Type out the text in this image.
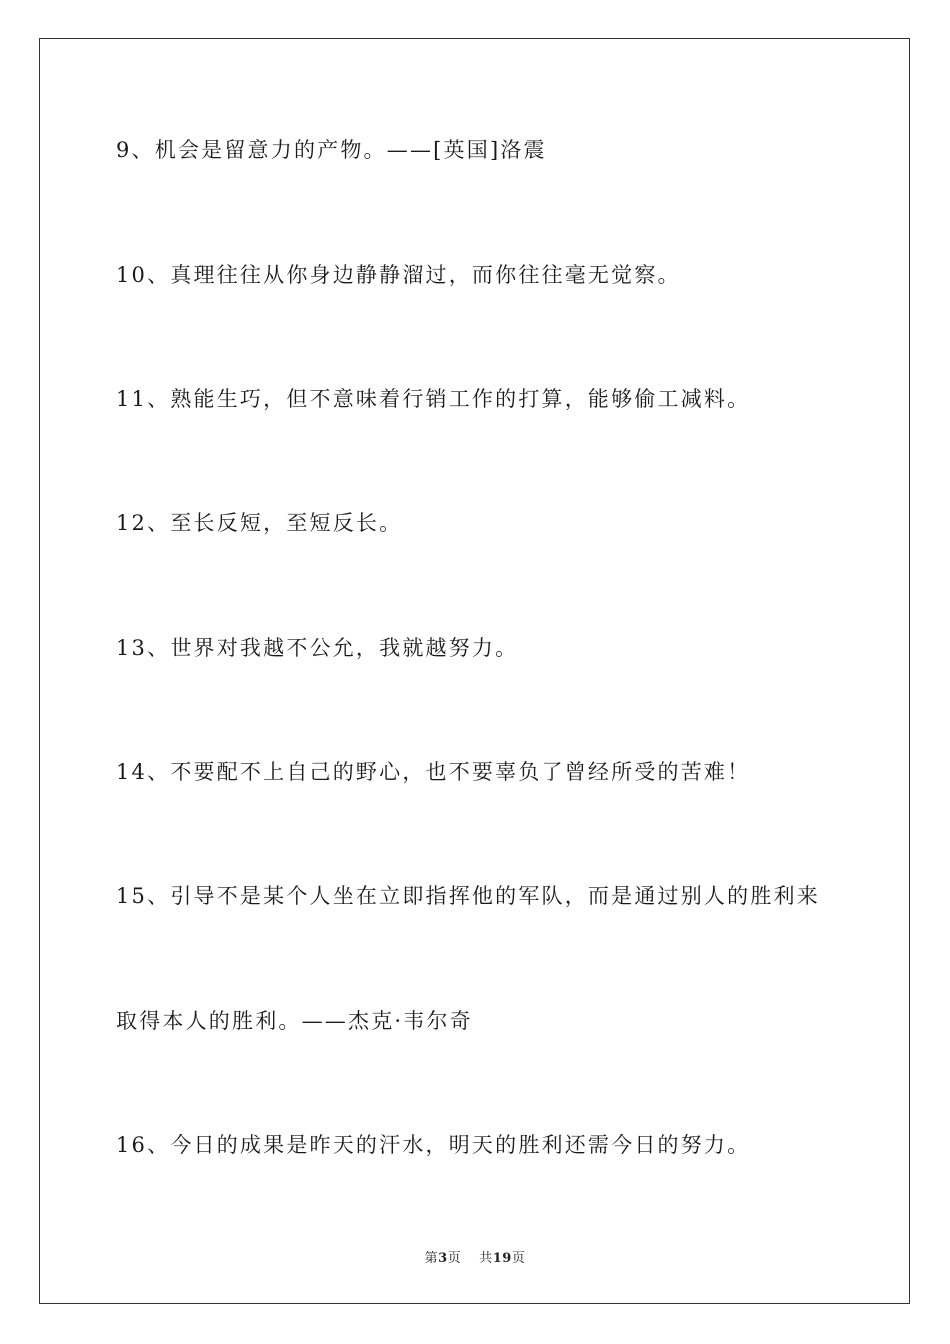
9、机会是留意力的产物。——[英国]洛震
10、真理往往从你身边静静溜过，而你往往毫无觉察。
11、熟能生巧，但不意味着行销工作的打算，能够偷工减料。
12、至长反短，至短反长。
13、世界对我越不公允，我就越努力。
14、不要配不上自己的野心，也不要辜负了曾经所受的苦难！
15、引导不是某个人坐在立即指挥他的军队，而是通过别人的胜利来
取得本人的胜利。——杰克·韦尔奇
16、今日的成果是昨天的汗水，明天的胜利还需今日的努力。
第3页 共19页
